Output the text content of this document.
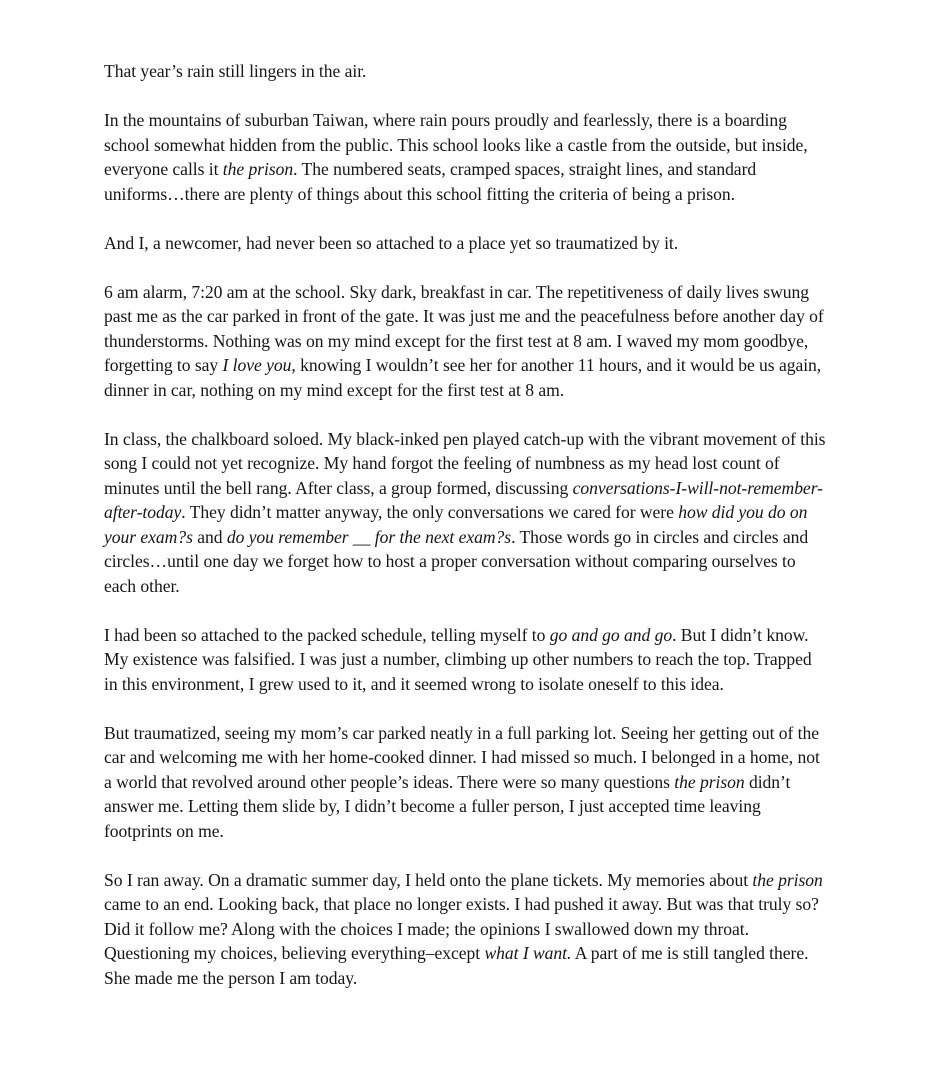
That year’s rain still lingers in the air.

In the mountains of suburban Taiwan, where rain pours proudly and fearlessly, there is a boarding school somewhat hidden from the public. This school looks like a castle from the outside, but inside, everyone calls it the prison. The numbered seats, cramped spaces, straight lines, and standard uniforms…there are plenty of things about this school fitting the criteria of being a prison.

And I, a newcomer, had never been so attached to a place yet so traumatized by it.

6 am alarm, 7:20 am at the school. Sky dark, breakfast in car. The repetitiveness of daily lives swung past me as the car parked in front of the gate. It was just me and the peacefulness before another day of thunderstorms. Nothing was on my mind except for the first test at 8 am. I waved my mom goodbye, forgetting to say I love you, knowing I wouldn’t see her for another 11 hours, and it would be us again, dinner in car, nothing on my mind except for the first test at 8 am.

In class, the chalkboard soloed. My black-inked pen played catch-up with the vibrant movement of this song I could not yet recognize. My hand forgot the feeling of numbness as my head lost count of minutes until the bell rang. After class, a group formed, discussing conversations-I-will-not-remember-after-today. They didn’t matter anyway, the only conversations we cared for were how did you do on your exam?s and do you remember __ for the next exam?s. Those words go in circles and circles and circles…until one day we forget how to host a proper conversation without comparing ourselves to each other.

I had been so attached to the packed schedule, telling myself to go and go and go. But I didn’t know. My existence was falsified. I was just a number, climbing up other numbers to reach the top. Trapped in this environment, I grew used to it, and it seemed wrong to isolate oneself to this idea.

But traumatized, seeing my mom’s car parked neatly in a full parking lot. Seeing her getting out of the car and welcoming me with her home-cooked dinner. I had missed so much. I belonged in a home, not a world that revolved around other people’s ideas. There were so many questions the prison didn’t answer me. Letting them slide by, I didn’t become a fuller person, I just accepted time leaving footprints on me.

So I ran away. On a dramatic summer day, I held onto the plane tickets. My memories about the prison came to an end. Looking back, that place no longer exists. I had pushed it away. But was that truly so? Did it follow me? Along with the choices I made; the opinions I swallowed down my throat. Questioning my choices, believing everything–except what I want. A part of me is still tangled there. She made me the person I am today.
